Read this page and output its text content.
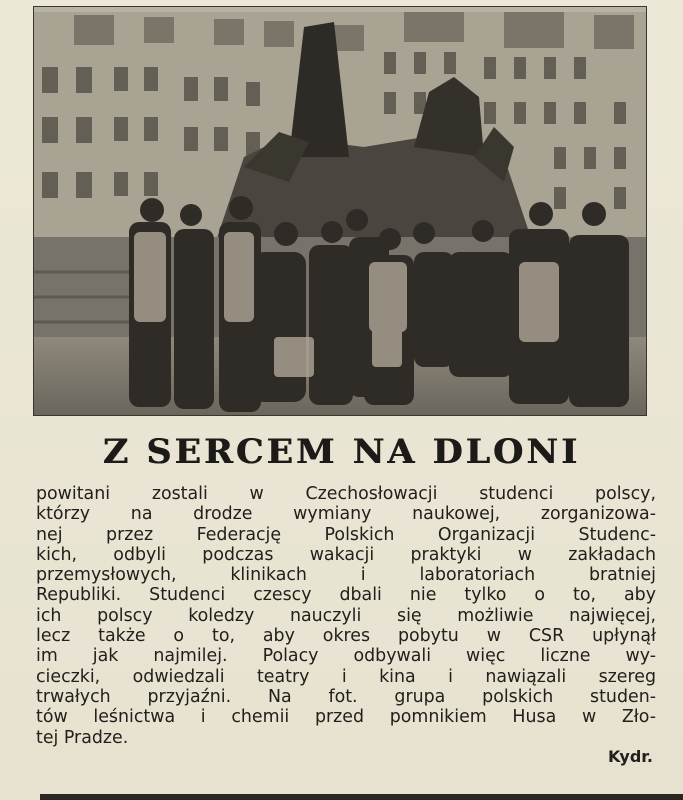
Z SERCEM NA DLONI
powitani zostali w Czechosłowacji studenci polscy,
którzy na drodze wymiany naukowej, zorganizowa-
nej przez Federację Polskich Organizacji Studenc-
kich, odbyli podczas wakacji praktyki w zakładach
przemysłowych, klinikach i laboratoriach bratniej
Republiki. Studenci czescy dbali nie tylko o to, aby
ich polscy koledzy nauczyli się możliwie najwięcej,
lecz także o to, aby okres pobytu w CSR upłynął
im jak najmilej. Polacy odbywali więc liczne wy-
cieczki, odwiedzali teatry i kina i nawiązali szereg
trwałych przyjaźni. Na fot. grupa polskich studen-
tów leśnictwa i chemii przed pomnikiem Husa w Zło-
tej Pradze.
Kydr.
